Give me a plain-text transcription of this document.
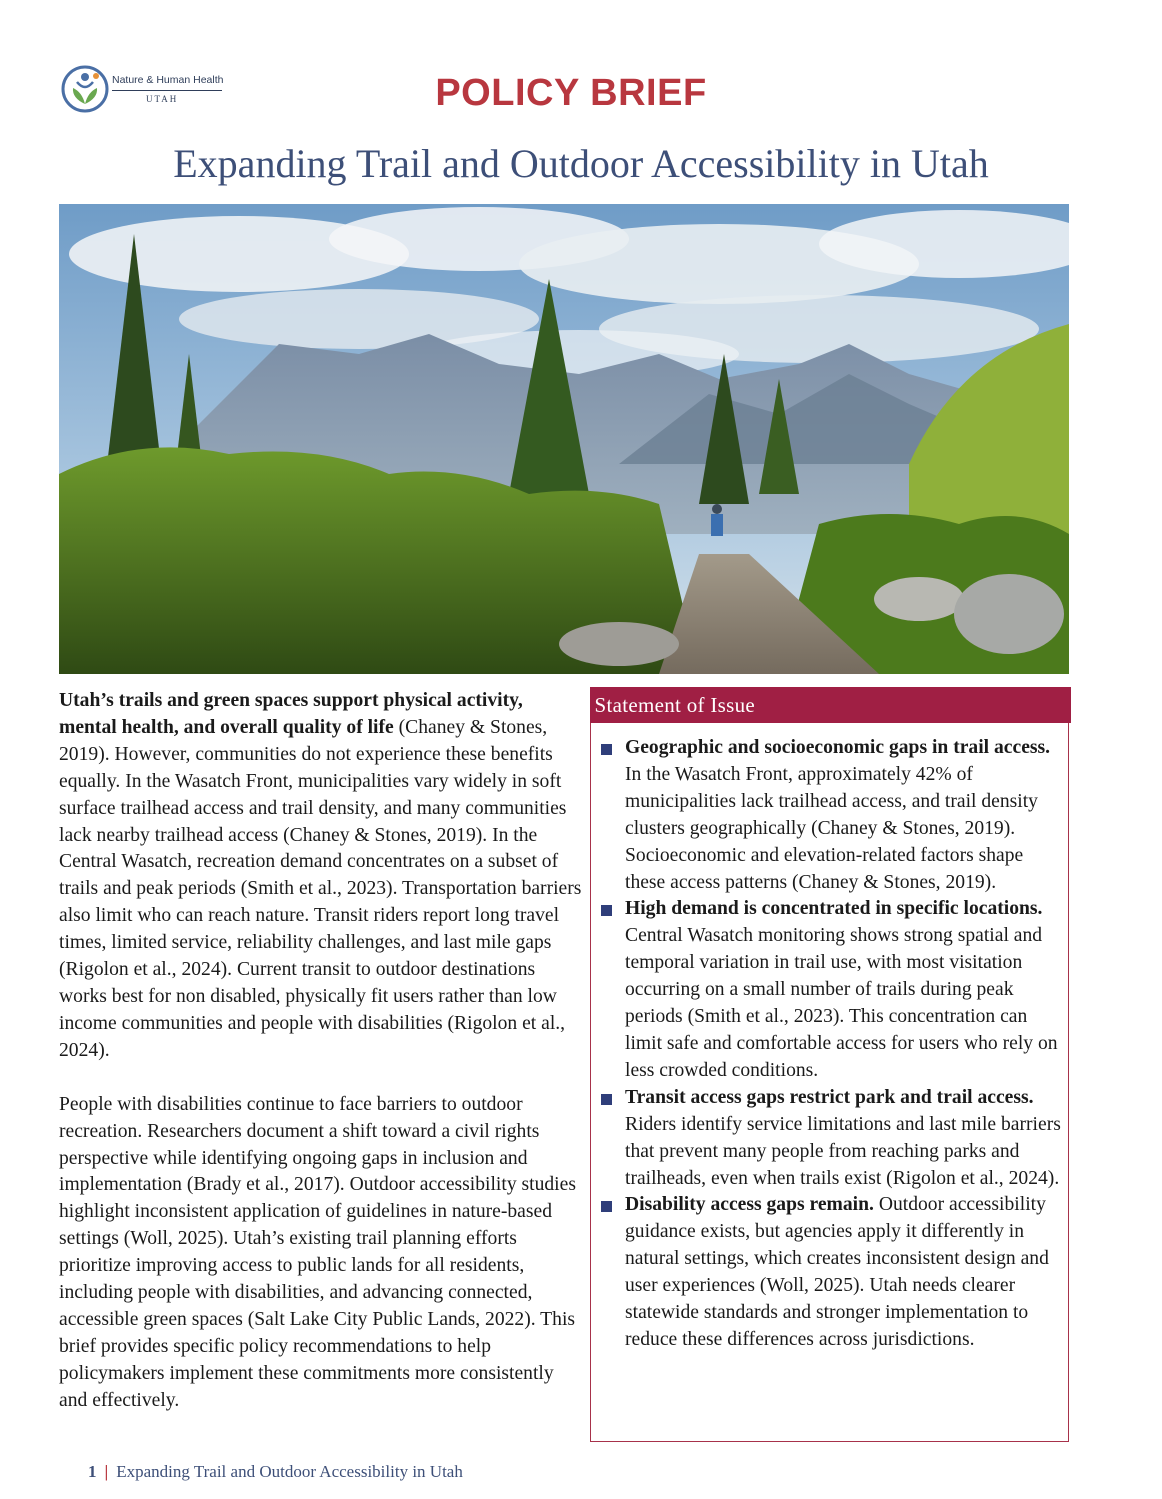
Nature & Human Health
UTAH	POLICY BRIEF
Expanding Trail and Outdoor Accessibility in Utah

Utah’s trails and green spaces support physical activity, mental health, and overall quality of life (Chaney & Stones, 2019). However, communities do not experience these benefits equally. In the Wasatch Front, municipalities vary widely in soft surface trailhead access and trail density, and many communities lack nearby trailhead access (Chaney & Stones, 2019). In the Central Wasatch, recreation demand concentrates on a subset of trails and peak periods (Smith et al., 2023). Transportation barriers also limit who can reach nature. Transit riders report long travel times, limited service, reliability challenges, and last mile gaps (Rigolon et al., 2024). Current transit to outdoor destinations works best for non disabled, physically fit users rather than low income communities and people with disabilities (Rigolon et al., 2024).

People with disabilities continue to face barriers to outdoor recreation. Researchers document a shift toward a civil rights perspective while identifying ongoing gaps in inclusion and implementation (Brady et al., 2017). Outdoor accessibility studies highlight inconsistent application of guidelines in nature-based settings (Woll, 2025). Utah’s existing trail planning efforts prioritize improving access to public lands for all residents, including people with disabilities, and advancing connected, accessible green spaces (Salt Lake City Public Lands, 2022). This brief provides specific policy recommendations to help policymakers implement these commitments more consistently and effectively.

Statement of Issue
Geographic and socioeconomic gaps in trail access. In the Wasatch Front, approximately 42% of municipalities lack trailhead access, and trail density clusters geographically (Chaney & Stones, 2019). Socioeconomic and elevation-related factors shape these access patterns (Chaney & Stones, 2019).
High demand is concentrated in specific locations. Central Wasatch monitoring shows strong spatial and temporal variation in trail use, with most visitation occurring on a small number of trails during peak periods (Smith et al., 2023). This concentration can limit safe and comfortable access for users who rely on less crowded conditions.
Transit access gaps restrict park and trail access. Riders identify service limitations and last mile barriers that prevent many people from reaching parks and trailheads, even when trails exist (Rigolon et al., 2024).
Disability access gaps remain. Outdoor accessibility guidance exists, but agencies apply it differently in natural settings, which creates inconsistent design and user experiences (Woll, 2025). Utah needs clearer statewide standards and stronger implementation to reduce these differences across jurisdictions.
1 | Expanding Trail and Outdoor Accessibility in Utah
